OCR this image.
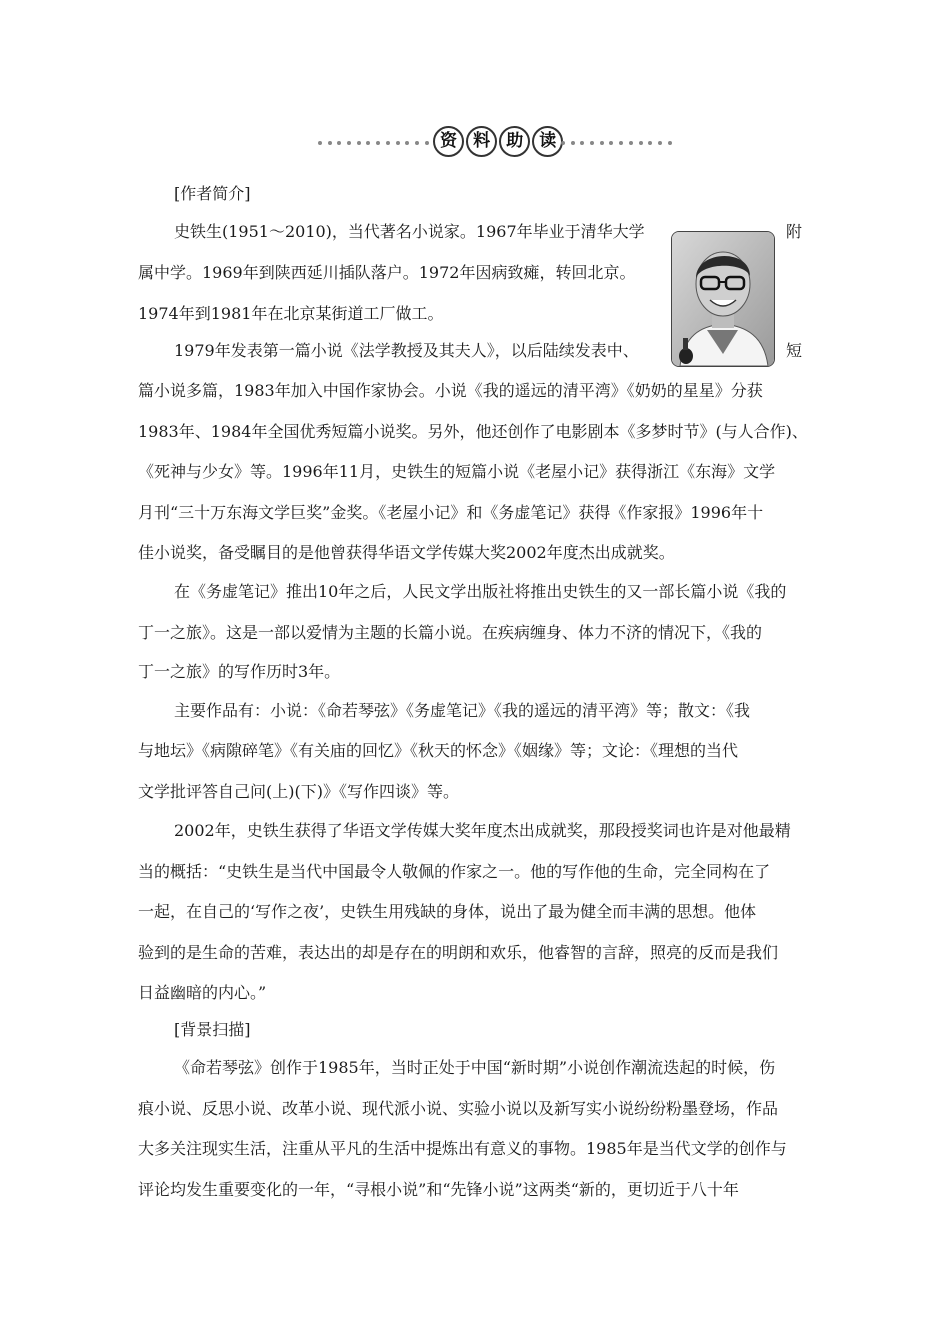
资 料 助 读
[作者简介]
史铁生(1951～2010)，当代著名小说家。1967年毕业于清华大学	附
属中学。1969年到陕西延川插队落户。1972年因病致瘫，转回北京。
1974年到1981年在北京某街道工厂做工。
1979年发表第一篇小说《法学教授及其夫人》，以后陆续发表中、	短
篇小说多篇，1983年加入中国作家协会。小说《我的遥远的清平湾》《奶奶的星星》分获
1983年、1984年全国优秀短篇小说奖。另外，他还创作了电影剧本《多梦时节》(与人合作)、
《死神与少女》等。1996年11月，史铁生的短篇小说《老屋小记》获得浙江《东海》文学
月刊“三十万东海文学巨奖”金奖。《老屋小记》和《务虚笔记》获得《作家报》1996年十
佳小说奖，备受瞩目的是他曾获得华语文学传媒大奖2002年度杰出成就奖。
在《务虚笔记》推出10年之后，人民文学出版社将推出史铁生的又一部长篇小说《我的
丁一之旅》。这是一部以爱情为主题的长篇小说。在疾病缠身、体力不济的情况下，《我的
丁一之旅》的写作历时3年。
主要作品有：小说：《命若琴弦》《务虚笔记》《我的遥远的清平湾》等；散文：《我
与地坛》《病隙碎笔》《有关庙的回忆》《秋天的怀念》《姻缘》等；文论：《理想的当代
文学批评答自己问(上)(下)》《写作四谈》等。
2002年，史铁生获得了华语文学传媒大奖年度杰出成就奖，那段授奖词也许是对他最精
当的概括：“史铁生是当代中国最令人敬佩的作家之一。他的写作他的生命，完全同构在了
一起，在自己的‘写作之夜’，史铁生用残缺的身体，说出了最为健全而丰满的思想。他体
验到的是生命的苦难，表达出的却是存在的明朗和欢乐，他睿智的言辞，照亮的反而是我们
日益幽暗的内心。”
[背景扫描]
《命若琴弦》创作于1985年，当时正处于中国“新时期”小说创作潮流迭起的时候，伤
痕小说、反思小说、改革小说、现代派小说、实验小说以及新写实小说纷纷粉墨登场，作品
大多关注现实生活，注重从平凡的生活中提炼出有意义的事物。1985年是当代文学的创作与
评论均发生重要变化的一年，“寻根小说”和“先锋小说”这两类“新的，更切近于八十年
